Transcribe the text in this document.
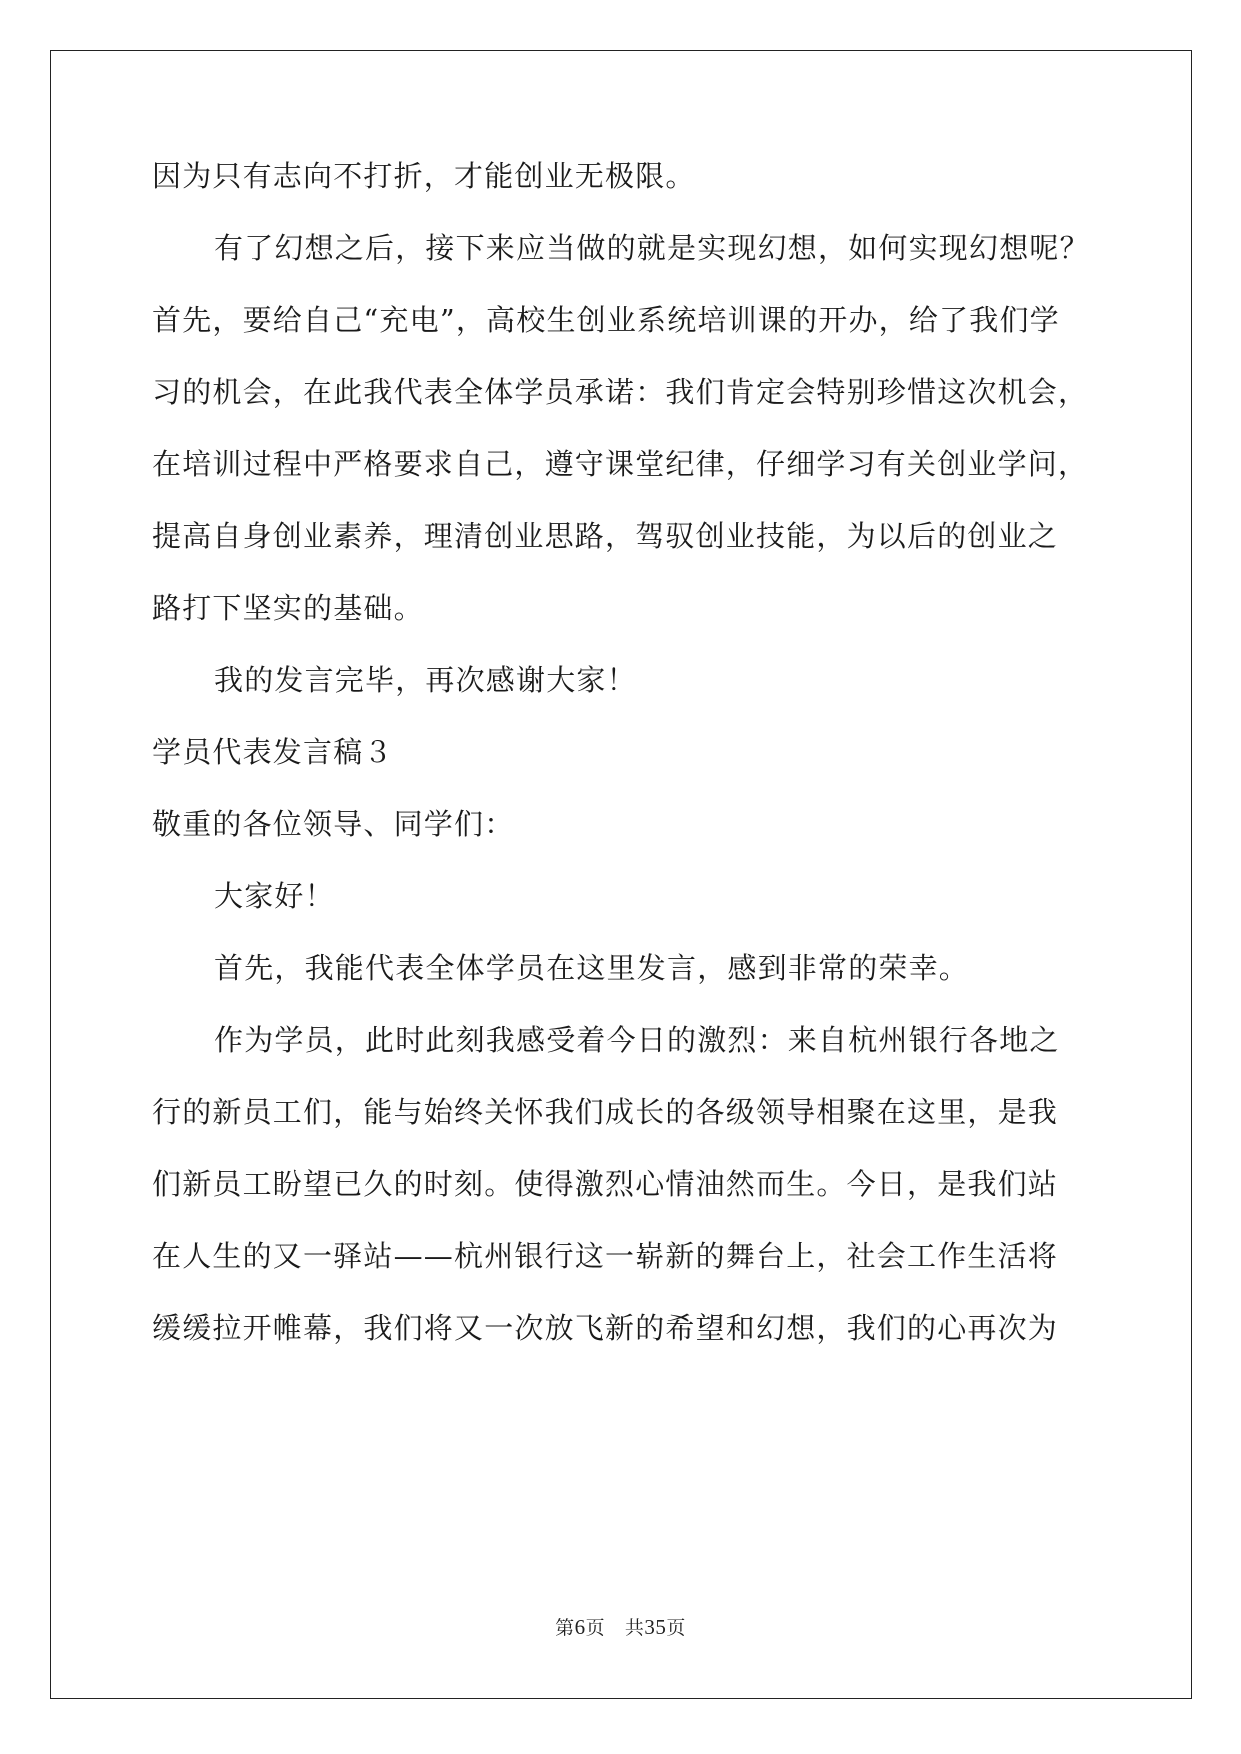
因为只有志向不打折，才能创业无极限。
有了幻想之后，接下来应当做的就是实现幻想，如何实现幻想呢？
首先，要给自己“充电”，高校生创业系统培训课的开办，给了我们学
习的机会，在此我代表全体学员承诺：我们肯定会特别珍惜这次机会，
在培训过程中严格要求自己，遵守课堂纪律，仔细学习有关创业学问，
提高自身创业素养，理清创业思路，驾驭创业技能，为以后的创业之
路打下坚实的基础。
我的发言完毕，再次感谢大家！
学员代表发言稿３
敬重的各位领导、同学们：
大家好！
首先，我能代表全体学员在这里发言，感到非常的荣幸。
作为学员，此时此刻我感受着今日的激烈：来自杭州银行各地之
行的新员工们，能与始终关怀我们成长的各级领导相聚在这里，是我
们新员工盼望已久的时刻。使得激烈心情油然而生。今日，是我们站
在人生的又一驿站——杭州银行这一崭新的舞台上，社会工作生活将
缓缓拉开帷幕，我们将又一次放飞新的希望和幻想，我们的心再次为
第6页 共35页
